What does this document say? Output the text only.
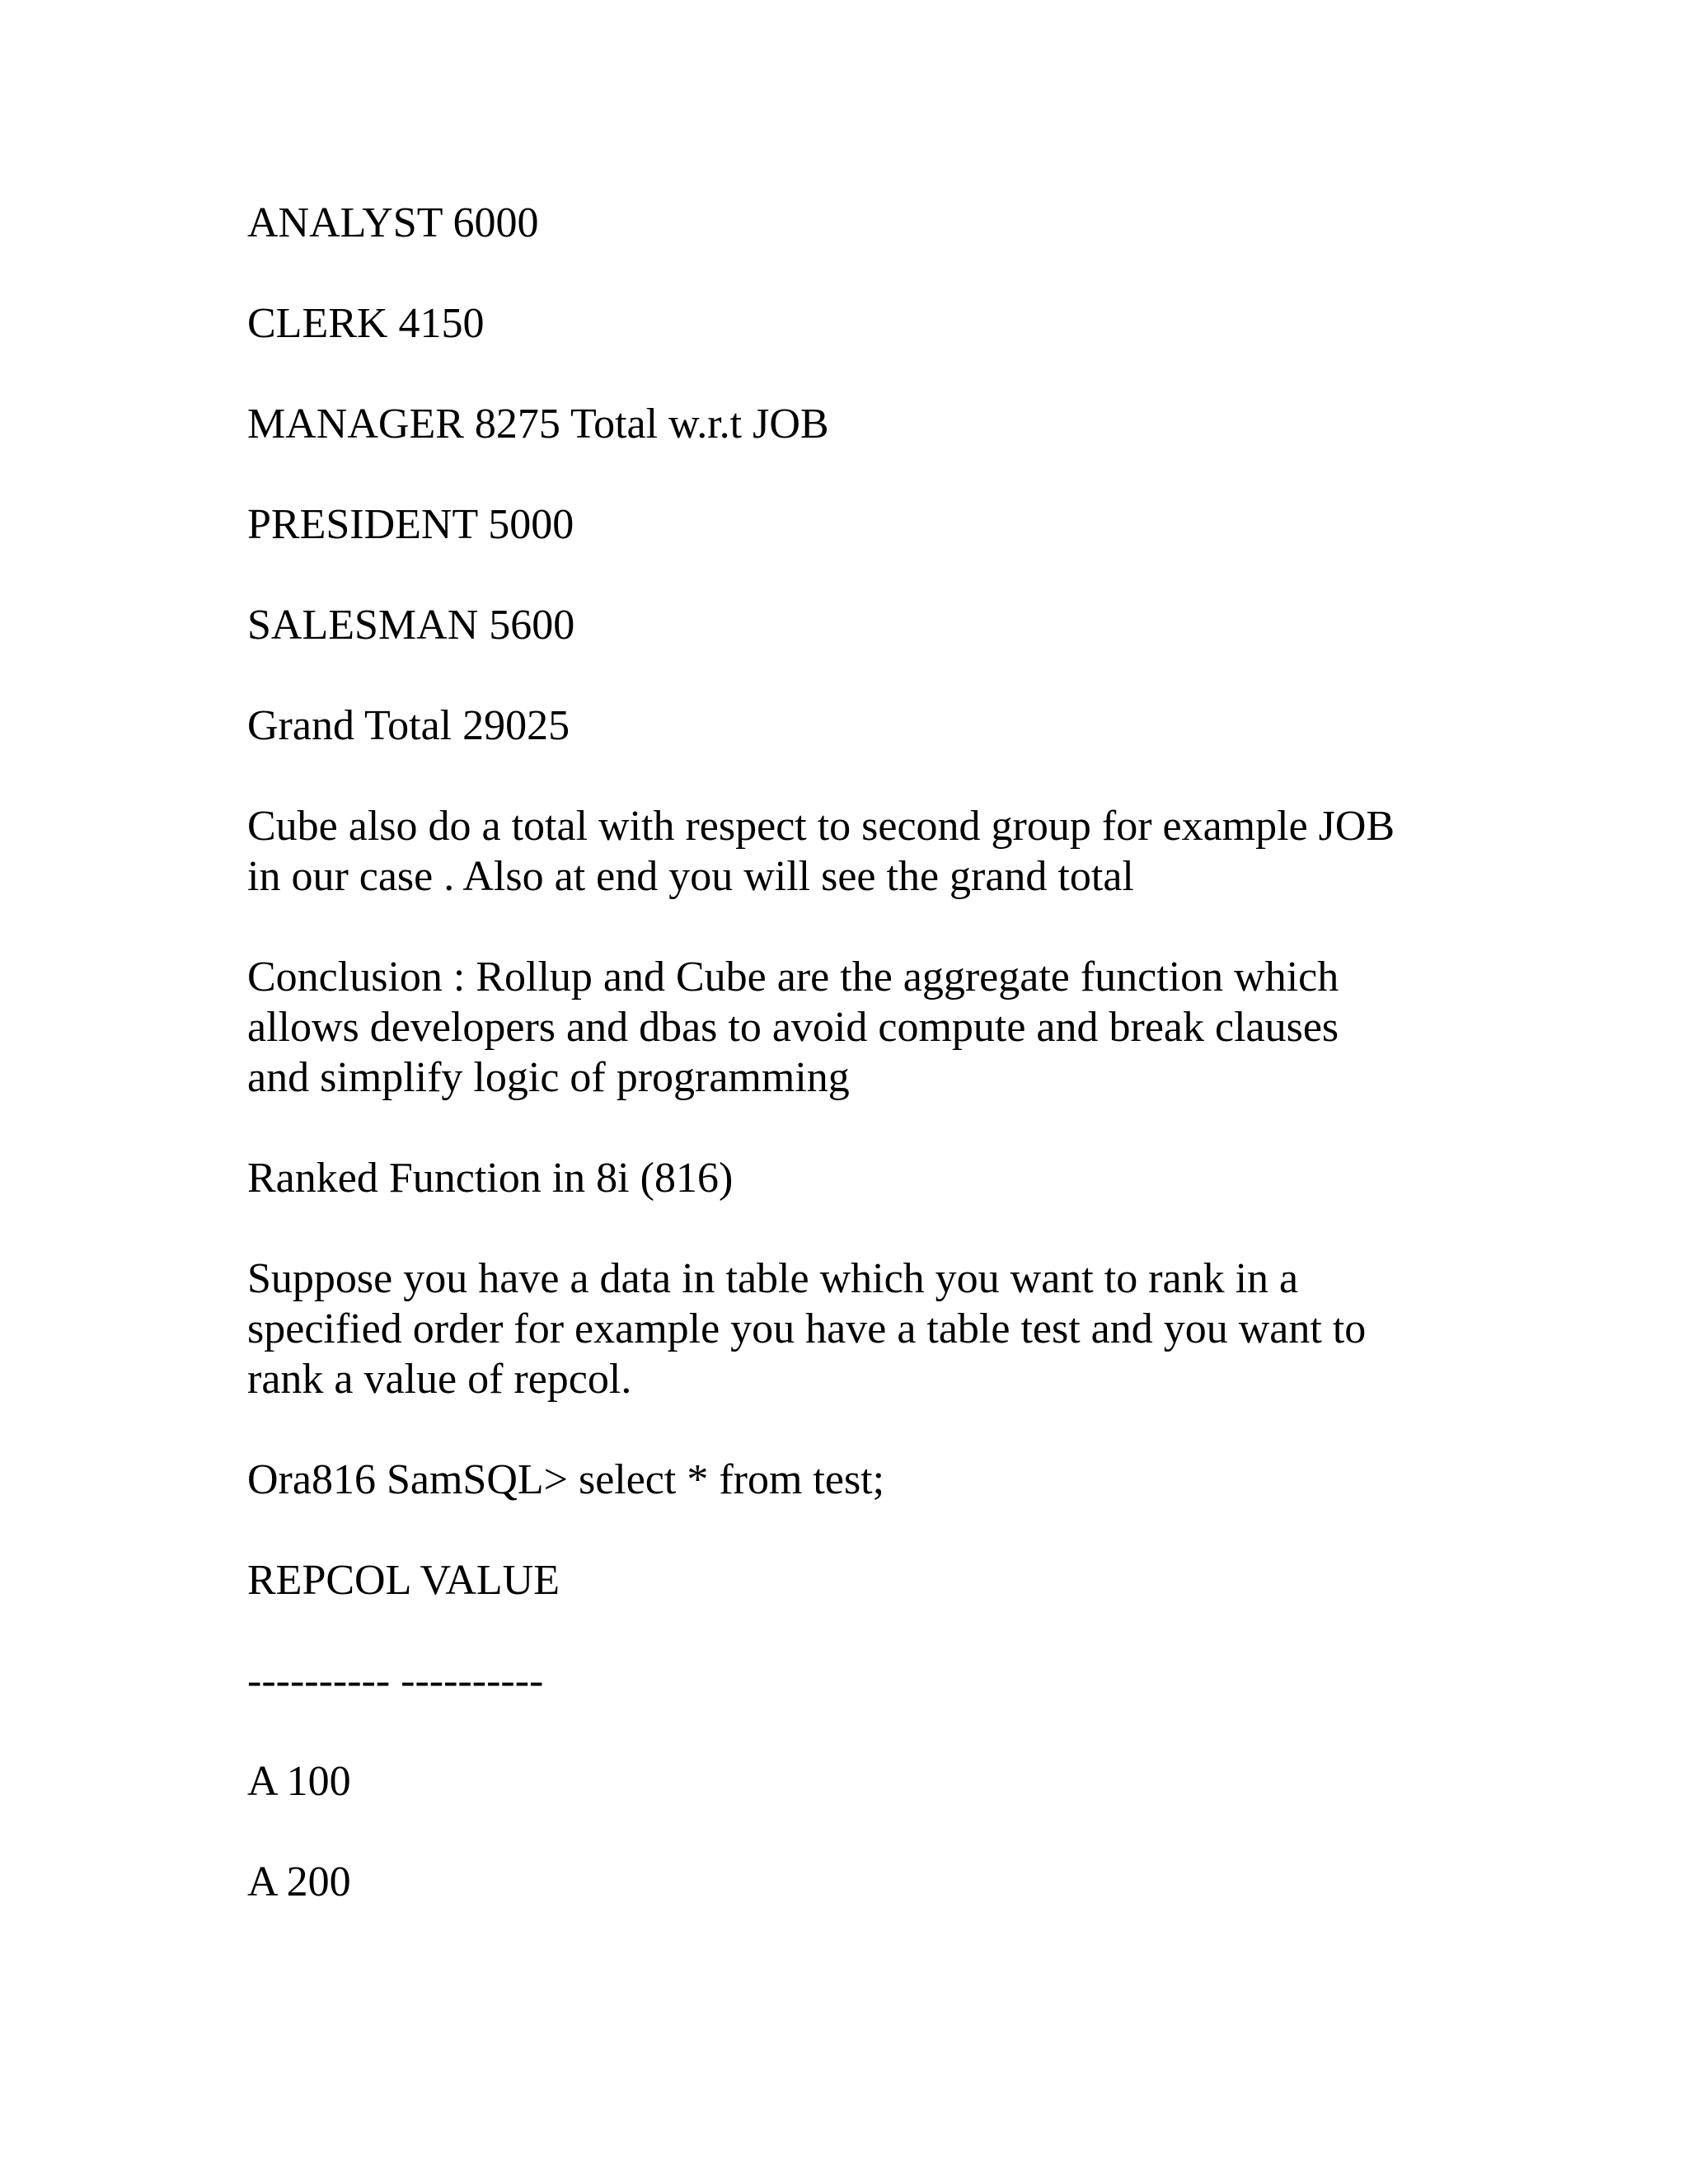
ANALYST 6000

CLERK 4150

MANAGER 8275 Total w.r.t JOB

PRESIDENT 5000

SALESMAN 5600

Grand Total 29025

Cube also do a total with respect to second group for example JOB
in our case . Also at end you will see the grand total

Conclusion : Rollup and Cube are the aggregate function which
allows developers and dbas to avoid compute and break clauses
and simplify logic of programming

Ranked Function in 8i (816)

Suppose you have a data in table which you want to rank in a
specified order for example you have a table test and you want to
rank a value of repcol.

Ora816 SamSQL> select * from test;

REPCOL VALUE

---------- ----------

A 100

A 200
